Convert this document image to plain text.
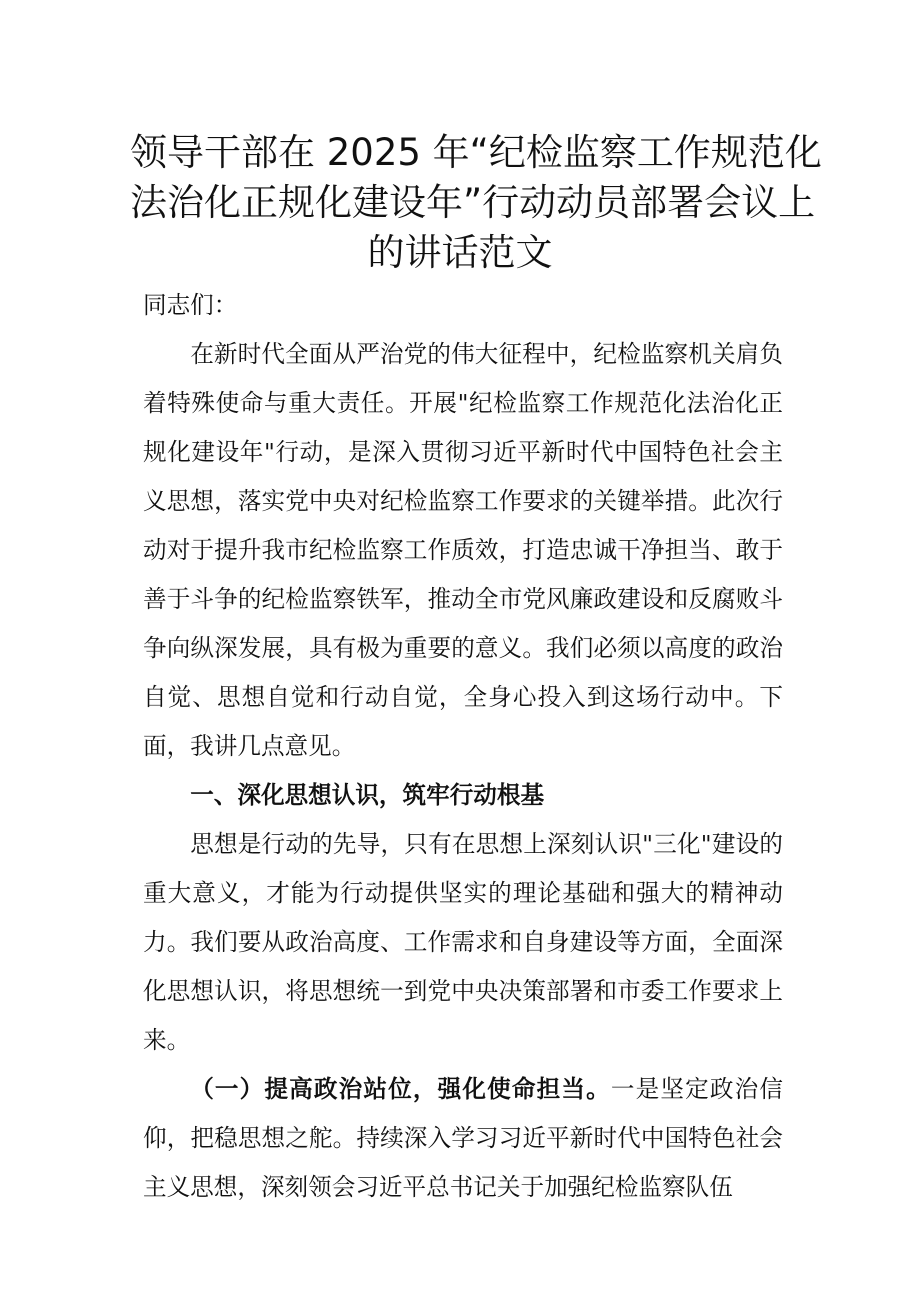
领导干部在 2025 年“纪检监察工作规范化
法治化正规化建设年”行动动员部署会议上
的讲话范文

同志们：

在新时代全面从严治党的伟大征程中，纪检监察机关肩负着特殊使命与重大责任。开展"纪检监察工作规范化法治化正规化建设年"行动，是深入贯彻习近平新时代中国特色社会主义思想，落实党中央对纪检监察工作要求的关键举措。此次行动对于提升我市纪检监察工作质效，打造忠诚干净担当、敢于善于斗争的纪检监察铁军，推动全市党风廉政建设和反腐败斗争向纵深发展，具有极为重要的意义。我们必须以高度的政治自觉、思想自觉和行动自觉，全身心投入到这场行动中。下面，我讲几点意见。

一、深化思想认识，筑牢行动根基

思想是行动的先导，只有在思想上深刻认识"三化"建设的重大意义，才能为行动提供坚实的理论基础和强大的精神动力。我们要从政治高度、工作需求和自身建设等方面，全面深化思想认识，将思想统一到党中央决策部署和市委工作要求上来。

（一）提高政治站位，强化使命担当。一是坚定政治信仰，把稳思想之舵。持续深入学习习近平新时代中国特色社会主义思想，深刻领会习近平总书记关于加强纪检监察队伍
